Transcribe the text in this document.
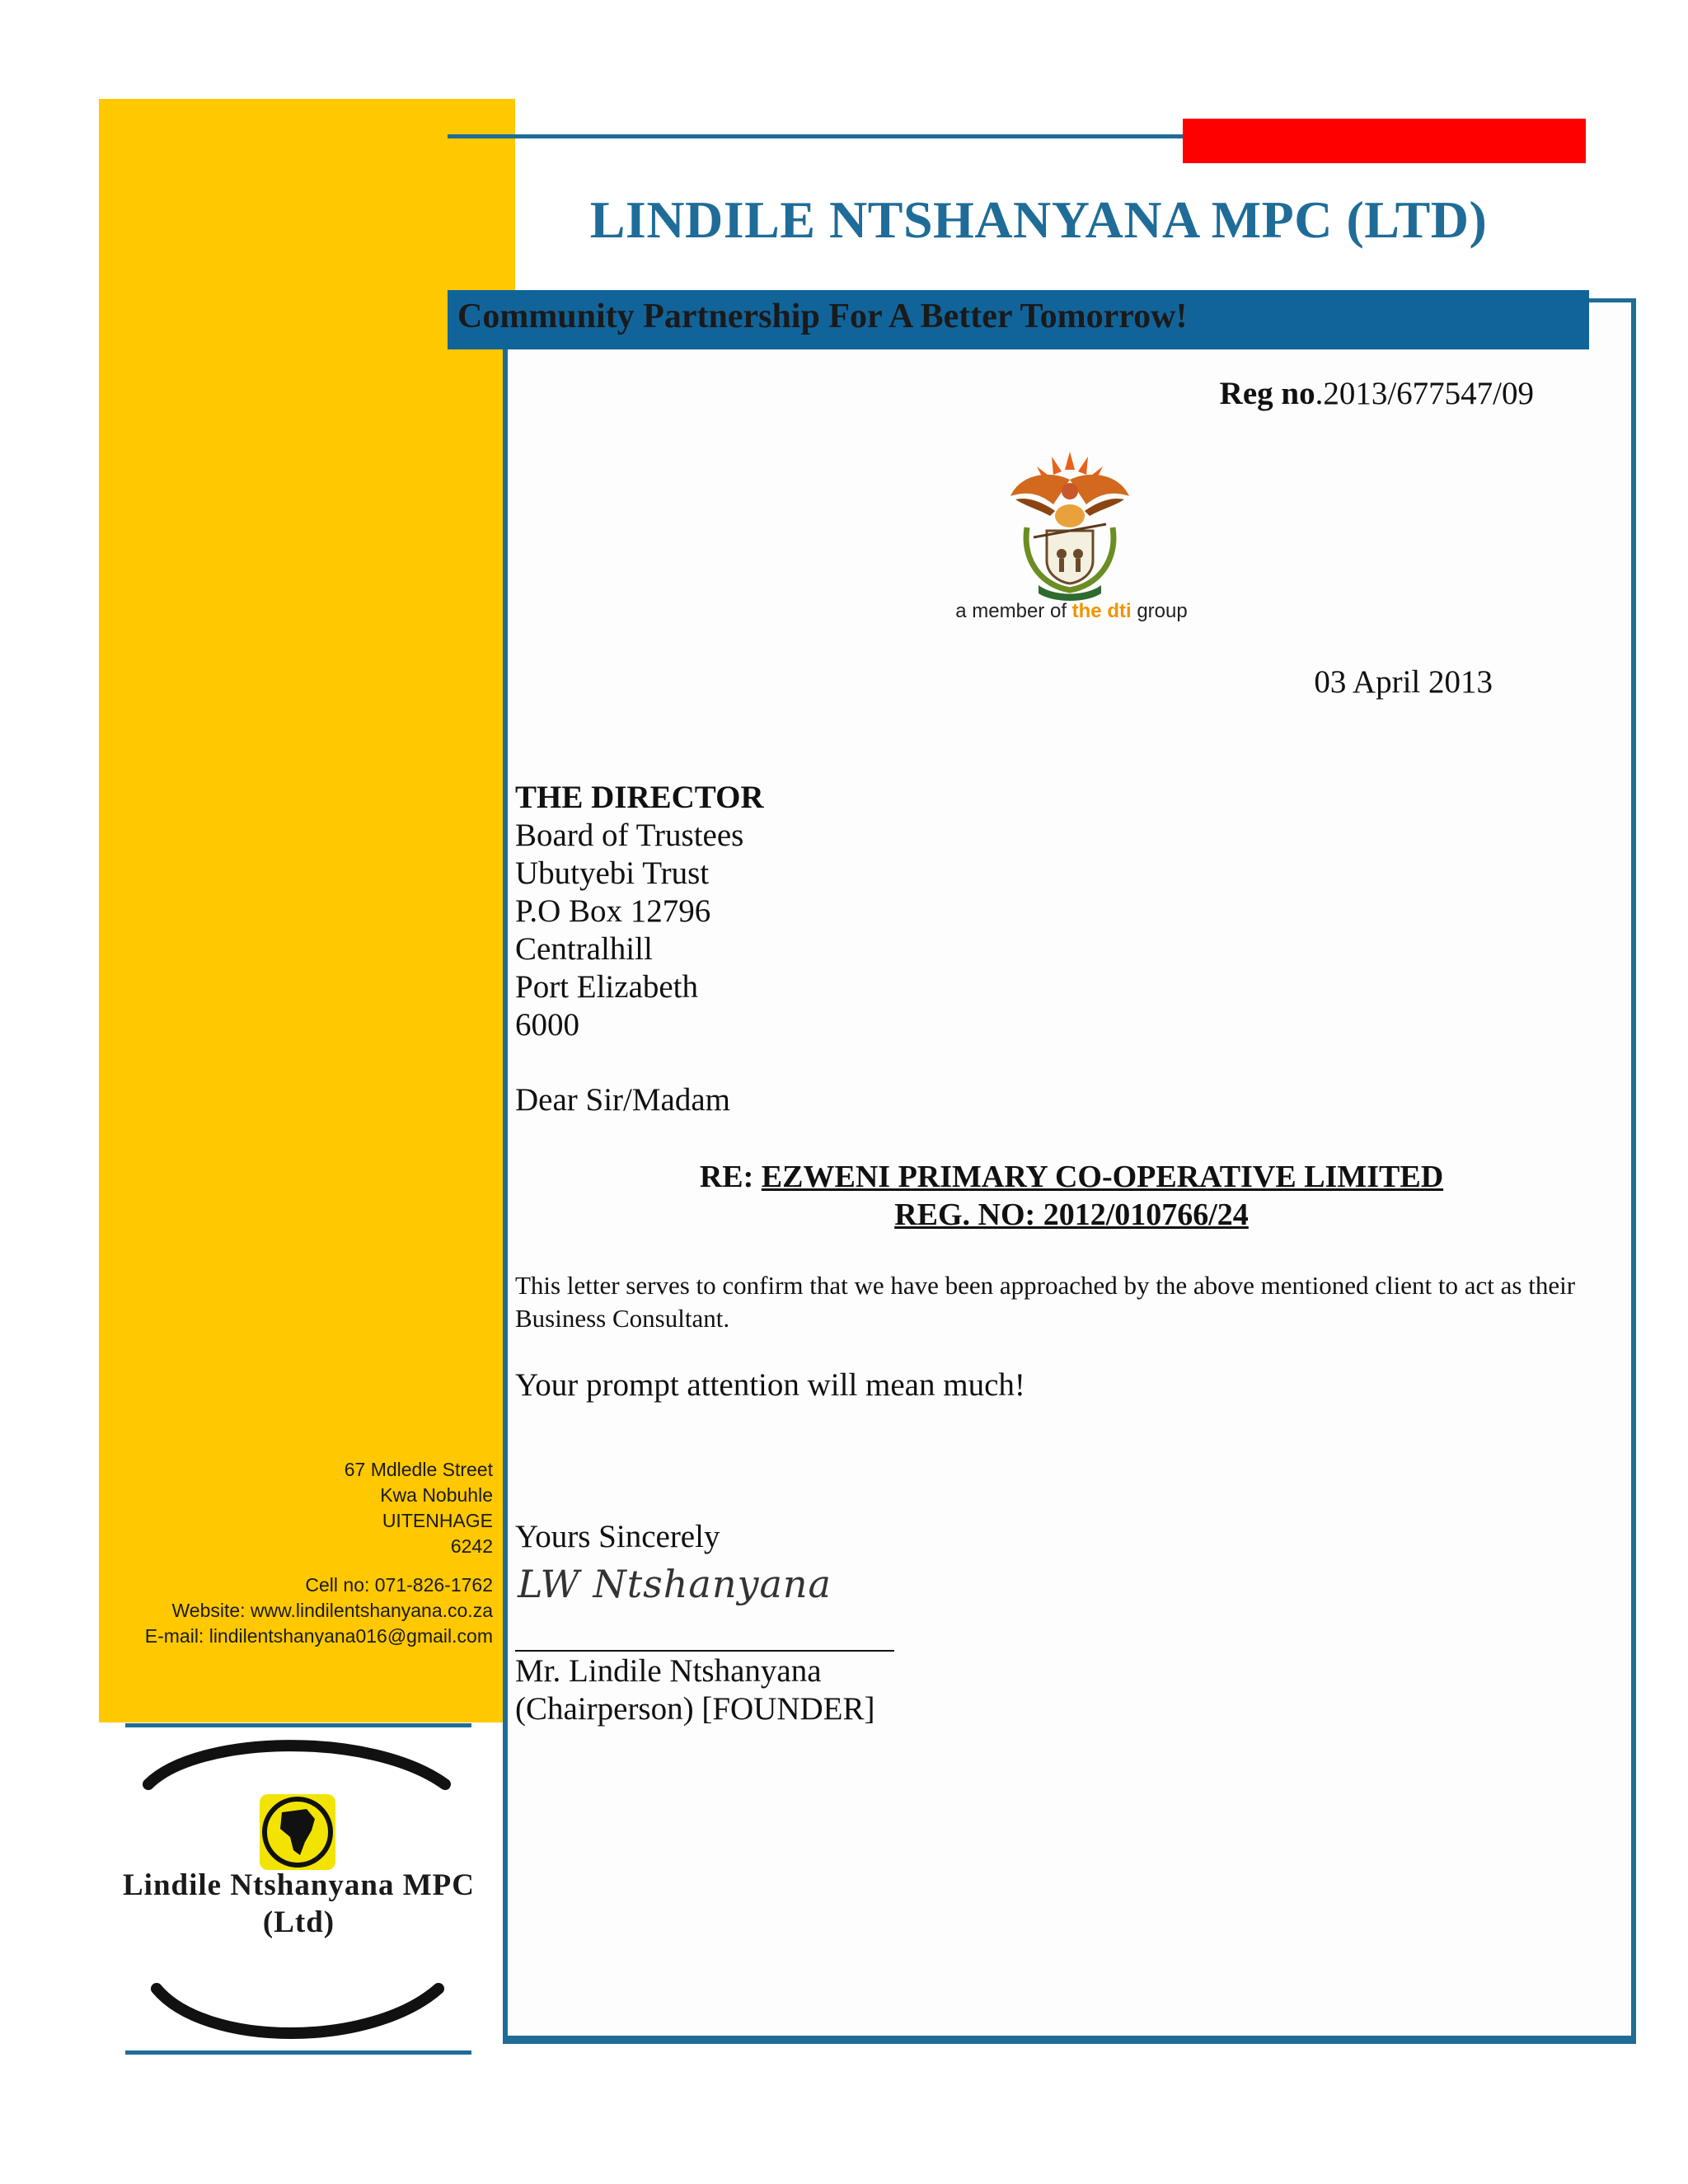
LINDILE NTSHANYANA MPC (LTD)
Community Partnership For A Better Tomorrow!
Reg no.2013/677547/09
a member of the dti group
03 April 2013
THE DIRECTOR
Board of Trustees
Ubutyebi Trust
P.O Box 12796
Centralhill
Port Elizabeth
6000
Dear Sir/Madam
RE: EZWENI PRIMARY CO-OPERATIVE LIMITED
REG. NO: 2012/010766/24
This letter serves to confirm that we have been approached by the above mentioned client to act as their Business Consultant.
Your prompt attention will mean much!
Yours Sincerely
LW Ntshanyana
Mr. Lindile Ntshanyana
(Chairperson) [FOUNDER]
67 Mdledle Street
Kwa Nobuhle
UITENHAGE
6242
Cell no: 071-826-1762
Website: www.lindilentshanyana.co.za
E-mail: lindilentshanyana016@gmail.com
Lindile Ntshanyana MPC
(Ltd)
